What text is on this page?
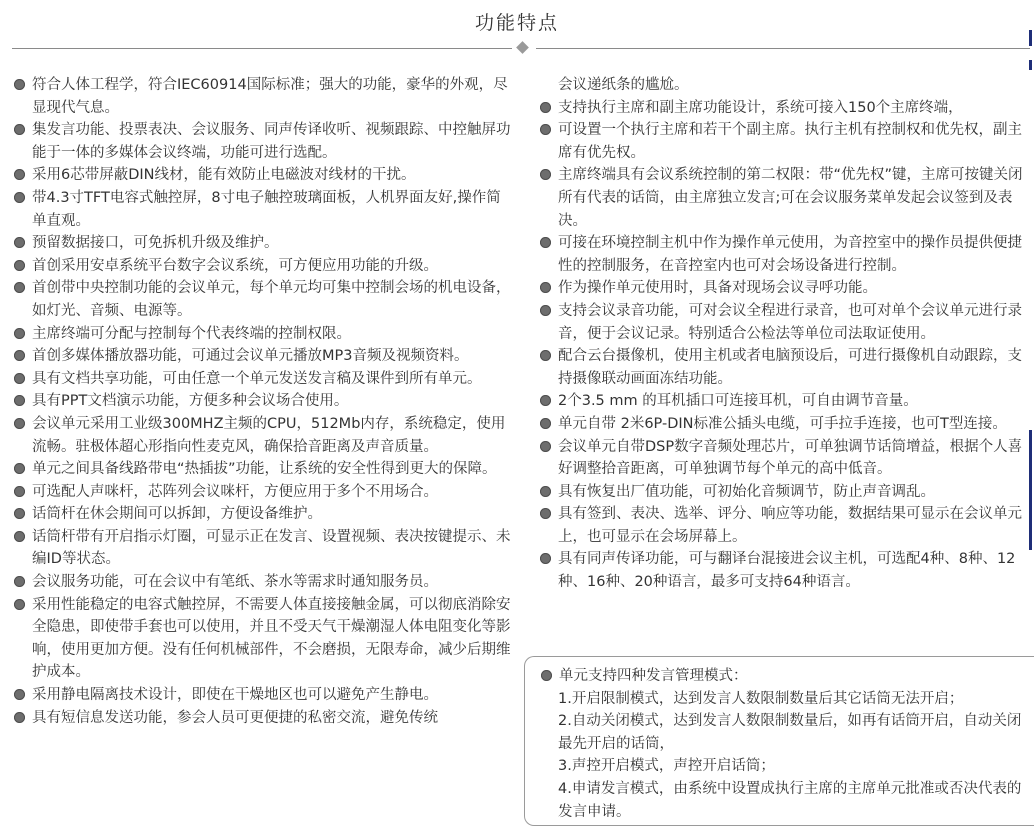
功能特点
符合人体工程学，符合IEC60914国际标准；强大的功能，豪华的外观，尽显现代气息。
集发言功能、投票表决、会议服务、同声传译收听、视频跟踪、中控触屏功能于一体的多媒体会议终端，功能可进行选配。
采用6芯带屏蔽DIN线材，能有效防止电磁波对线材的干扰。
带4.3寸TFT电容式触控屏，8寸电子触控玻璃面板，人机界面友好,操作简单直观。
预留数据接口，可免拆机升级及维护。
首创采用安卓系统平台数字会议系统，可方便应用功能的升级。
首创带中央控制功能的会议单元，每个单元均可集中控制会场的机电设备，如灯光、音频、电源等。
主席终端可分配与控制每个代表终端的控制权限。
首创多媒体播放器功能，可通过会议单元播放MP3音频及视频资料。
具有文档共享功能，可由任意一个单元发送发言稿及课件到所有单元。
具有PPT文档演示功能，方便多种会议场合使用。
会议单元采用工业级300MHZ主频的CPU，512Mb内存，系统稳定，使用流畅。驻极体超心形指向性麦克风，确保拾音距离及声音质量。
单元之间具备线路带电“热插拔”功能，让系统的安全性得到更大的保障。
可选配人声咪杆，芯阵列会议咪杆，方便应用于多个不用场合。
话筒杆在休会期间可以拆卸，方便设备维护。
话筒杆带有开启指示灯圈，可显示正在发言、设置视频、表决按键提示、未编ID等状态。
会议服务功能，可在会议中有笔纸、茶水等需求时通知服务员。
采用性能稳定的电容式触控屏，不需要人体直接接触金属，可以彻底消除安全隐患，即使带手套也可以使用，并且不受天气干燥潮湿人体电阻变化等影响，使用更加方便。没有任何机械部件，不会磨损，无限寿命，减少后期维护成本。
采用静电隔离技术设计，即使在干燥地区也可以避免产生静电。
具有短信息发送功能，参会人员可更便捷的私密交流，避免传统
会议递纸条的尴尬。
支持执行主席和副主席功能设计，系统可接入150个主席终端，
可设置一个执行主席和若干个副主席。执行主机有控制权和优先权，副主席有优先权。
主席终端具有会议系统控制的第二权限：带“优先权”键，主席可按键关闭所有代表的话筒，由主席独立发言;可在会议服务菜单发起会议签到及表决。
可接在环境控制主机中作为操作单元使用，为音控室中的操作员提供便捷性的控制服务，在音控室内也可对会场设备进行控制。
作为操作单元使用时，具备对现场会议寻呼功能。
支持会议录音功能，可对会议全程进行录音，也可对单个会议单元进行录音，便于会议记录。特别适合公检法等单位司法取证使用。
配合云台摄像机，使用主机或者电脑预设后，可进行摄像机自动跟踪，支持摄像联动画面冻结功能。
2个3.5 mm 的耳机插口可连接耳机，可自由调节音量。
单元自带 2米6P-DIN标准公插头电缆，可手拉手连接，也可T型连接。
会议单元自带DSP数字音频处理芯片，可单独调节话筒增益，根据个人喜好调整拾音距离，可单独调节每个单元的高中低音。
具有恢复出厂值功能，可初始化音频调节，防止声音调乱。
具有签到、表决、选举、评分、响应等功能，数据结果可显示在会议单元上，也可显示在会场屏幕上。
具有同声传译功能，可与翻译台混接进会议主机，可选配4种、8种、12种、16种、20种语言，最多可支持64种语言。
单元支持四种发言管理模式：
1.开启限制模式，达到发言人数限制数量后其它话筒无法开启；
2.自动关闭模式，达到发言人数限制数量后，如再有话筒开启，自动关闭最先开启的话筒，
3.声控开启模式，声控开启话筒；
4.申请发言模式，由系统中设置成执行主席的主席单元批准或否决代表的发言申请。
